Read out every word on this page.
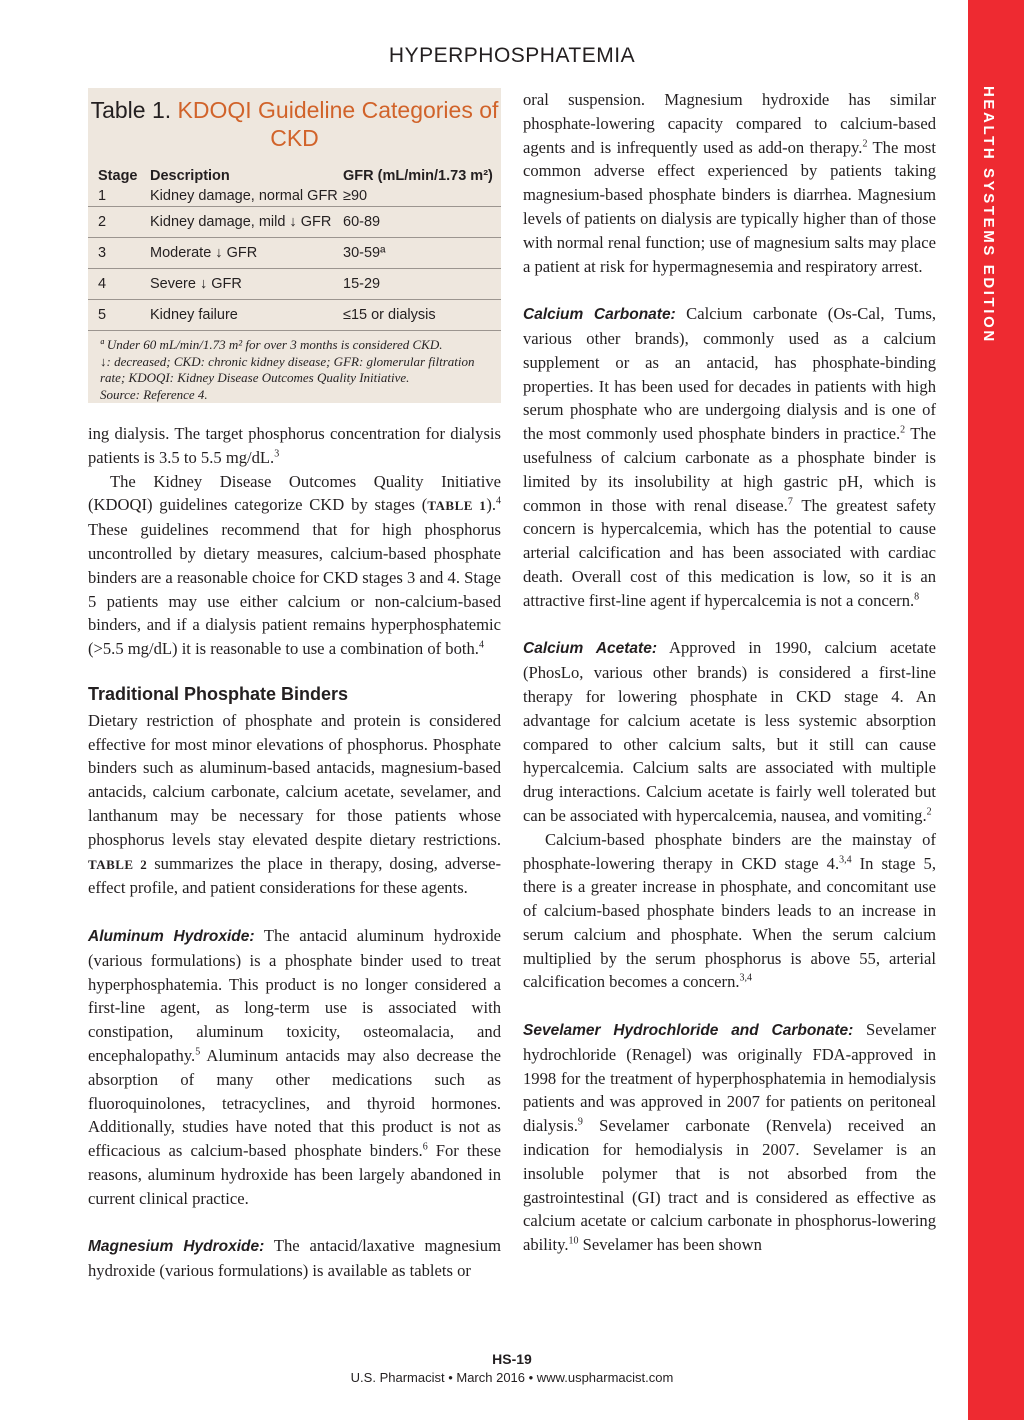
HYPERPHOSPHATEMIA
HEALTH SYSTEMS EDITION
Table 1. KDOQI Guideline Categories of CKD
Stage Description	GFR (mL/min/1.73 m²)
1	Kidney damage, normal GFR ≥90
2	Kidney damage, mild ↓ GFR 60-89
3	Moderate ↓ GFR	30-59ª
4	Severe ↓ GFR	15-29
5	Kidney failure	≤15 or dialysis
ª Under 60 mL/min/1.73 m² for over 3 months is considered CKD.
↓: decreased; CKD: chronic kidney disease; GFR: glomerular filtration rate; KDOQI: Kidney Disease Outcomes Quality Initiative.
Source: Reference 4.

ing dialysis. The target phosphorus concentration for dialysis patients is 3.5 to 5.5 mg/dL.$^3$

The Kidney Disease Outcomes Quality Initiative (KDOQI) guidelines categorize CKD by stages (TABLE 1).$^4$ These guidelines recommend that for high phosphorus uncontrolled by dietary measures, calcium-based phosphate binders are a reasonable choice for CKD stages 3 and 4. Stage 5 patients may use either calcium or non-calcium-based binders, and if a dialysis patient remains hyperphosphatemic (>5.5 mg/dL) it is reasonable to use a combination of both.$^4$

Traditional Phosphate Binders

Dietary restriction of phosphate and protein is considered effective for most minor elevations of phosphorus. Phosphate binders such as aluminum-based antacids, magnesium-based antacids, calcium carbonate, calcium acetate, sevelamer, and lanthanum may be necessary for those patients whose phosphorus levels stay elevated despite dietary restrictions. TABLE 2 summarizes the place in therapy, dosing, adverse-effect profile, and patient considerations for these agents.

Aluminum Hydroxide: The antacid aluminum hydroxide (various formulations) is a phosphate binder used to treat hyperphosphatemia. This product is no longer considered a first-line agent, as long-term use is associated with constipation, aluminum toxicity, osteomalacia, and encephalopathy.$^5$ Aluminum antacids may also decrease the absorption of many other medications such as fluoroquinolones, tetracyclines, and thyroid hormones. Additionally, studies have noted that this product is not as efficacious as calcium-based phosphate binders.$^6$ For these reasons, aluminum hydroxide has been largely abandoned in current clinical practice.

Magnesium Hydroxide: The antacid/laxative magnesium hydroxide (various formulations) is available as tablets or

oral suspension. Magnesium hydroxide has similar phosphate-lowering capacity compared to calcium-based agents and is infrequently used as add-on therapy.$^2$ The most common adverse effect experienced by patients taking magnesium-based phosphate binders is diarrhea. Magnesium levels of patients on dialysis are typically higher than of those with normal renal function; use of magnesium salts may place a patient at risk for hypermagnesemia and respiratory arrest.

Calcium Carbonate: Calcium carbonate (Os-Cal, Tums, various other brands), commonly used as a calcium supplement or as an antacid, has phosphate-binding properties. It has been used for decades in patients with high serum phosphate who are undergoing dialysis and is one of the most commonly used phosphate binders in practice.$^2$ The usefulness of calcium carbonate as a phosphate binder is limited by its insolubility at high gastric pH, which is common in those with renal disease.$^7$ The greatest safety concern is hypercalcemia, which has the potential to cause arterial calcification and has been associated with cardiac death. Overall cost of this medication is low, so it is an attractive first-line agent if hypercalcemia is not a concern.$^8$

Calcium Acetate: Approved in 1990, calcium acetate (PhosLo, various other brands) is considered a first-line therapy for lowering phosphate in CKD stage 4. An advantage for calcium acetate is less systemic absorption compared to other calcium salts, but it still can cause hypercalcemia. Calcium salts are associated with multiple drug interactions. Calcium acetate is fairly well tolerated but can be associated with hypercalcemia, nausea, and vomiting.$^2$

Calcium-based phosphate binders are the mainstay of phosphate-lowering therapy in CKD stage 4.$^{3,4}$ In stage 5, there is a greater increase in phosphate, and concomitant use of calcium-based phosphate binders leads to an increase in serum calcium and phosphate. When the serum calcium multiplied by the serum phosphorus is above 55, arterial calcification becomes a concern.$^{3,4}$

Sevelamer Hydrochloride and Carbonate: Sevelamer hydrochloride (Renagel) was originally FDA-approved in 1998 for the treatment of hyperphosphatemia in hemodialysis patients and was approved in 2007 for patients on peritoneal dialysis.$^9$ Sevelamer carbonate (Renvela) received an indication for hemodialysis in 2007. Sevelamer is an insoluble polymer that is not absorbed from the gastrointestinal (GI) tract and is considered as effective as calcium acetate or calcium carbonate in phosphorus-lowering ability.$^{10}$ Sevelamer has been shown

HS-19
U.S. Pharmacist • March 2016 • www.uspharmacist.com
